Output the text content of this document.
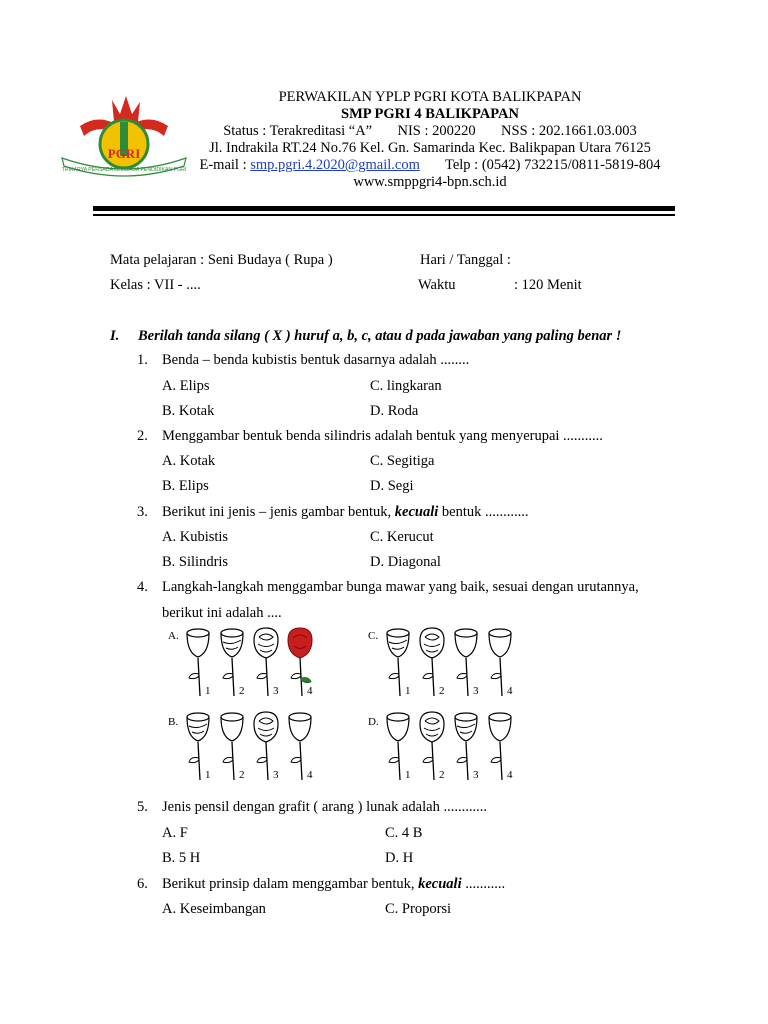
PGRI
TRIKARYA PERSADA LEMBAGA PENDIDIKAN PGRI
PERWAKILAN YPLP PGRI KOTA BALIKPAPAN
SMP PGRI 4 BALIKPAPAN
Status : Terakreditasi “A” NIS : 200220 NSS : 202.1661.03.003
Jl. Indrakila RT.24 No.76 Kel. Gn. Samarinda Kec. Balikpapan Utara 76125
E-mail : smp.pgri.4.2020@gmail.com Telp : (0542) 732215/0811-5819-804
www.smppgri4-bpn.sch.id
Mata pelajaran : Seni Budaya ( Rupa )	Hari / Tanggal :
Kelas : VII - ....	Waktu	: 120 Menit
I. Berilah tanda silang ( X ) huruf a, b, c, atau d pada jawaban yang paling benar !
1. Benda – benda kubistis bentuk dasarnya adalah ........
A. Elips	C. lingkaran
B. Kotak	D. Roda
2. Menggambar bentuk benda silindris adalah bentuk yang menyerupai ...........
A. Kotak	C. Segitiga
B. Elips	D. Segi
3. Berikut ini jenis – jenis gambar bentuk, kecuali bentuk ............
A. Kubistis	C. Kerucut
B. Silindris	D. Diagonal
4. Langkah-langkah menggambar bunga mawar yang baik, sesuai dengan urutannya,
berikut ini adalah ....
A.	C.
B.	D.
1	2	3	4	1	2	3	4
1	2	3	4	1	2	3	4
5. Jenis pensil dengan grafit ( arang ) lunak adalah ............
A. F	C. 4 B
B. 5 H	D. H
6. Berikut prinsip dalam menggambar bentuk, kecuali ...........
A. Keseimbangan	C. Proporsi
